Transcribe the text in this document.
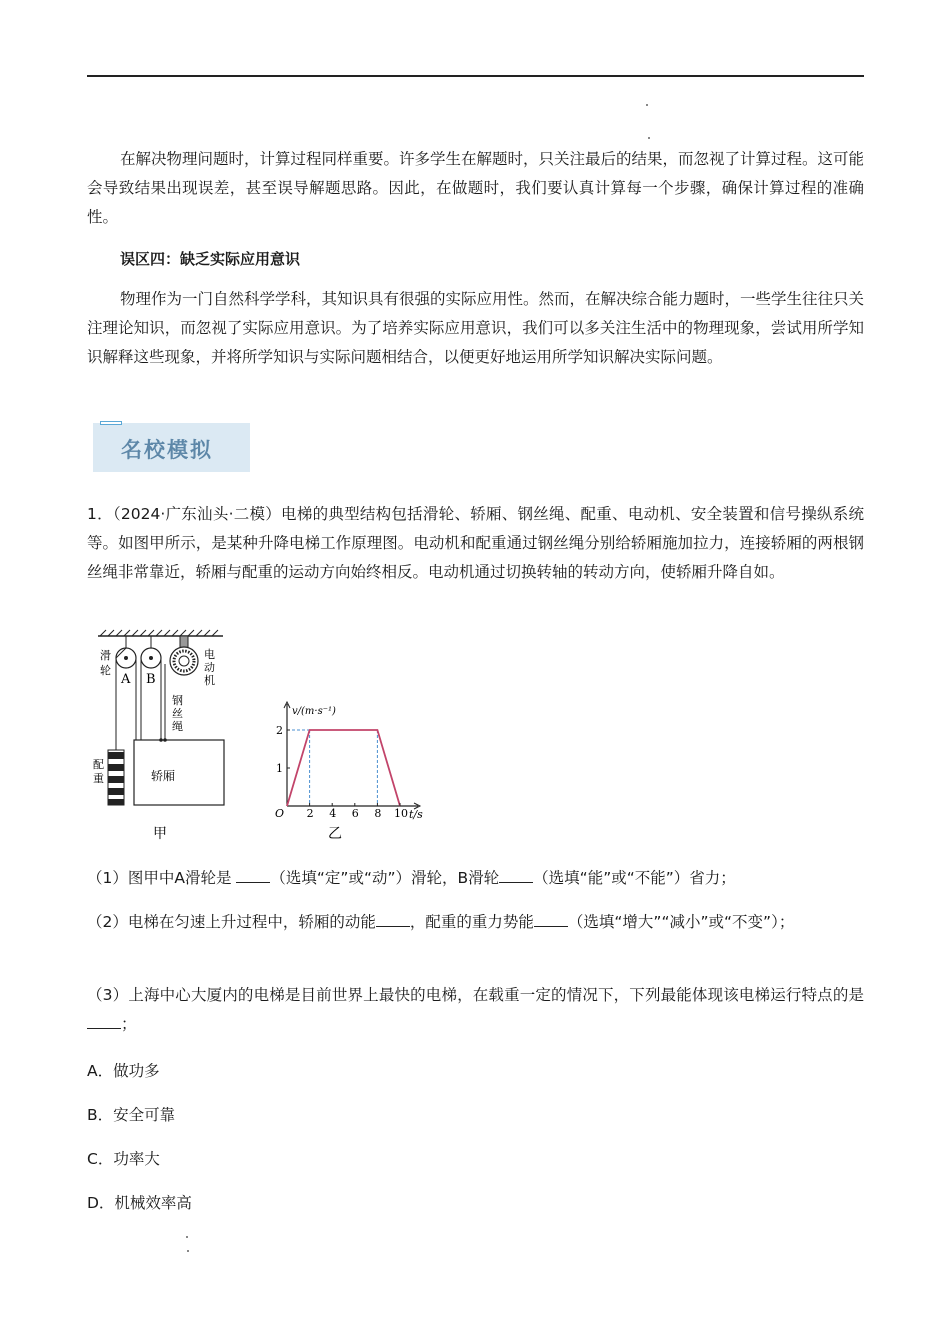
在解决物理问题时，计算过程同样重要。许多学生在解题时，只关注最后的结果，而忽视了计算过程。这可能会导致结果出现误差，甚至误导解题思路。因此，在做题时，我们要认真计算每一个步骤，确保计算过程的准确性。

误区四：缺乏实际应用意识

物理作为一门自然科学学科，其知识具有很强的实际应用性。然而，在解决综合能力题时，一些学生往往只关注理论知识，而忽视了实际应用意识。为了培养实际应用意识，我们可以多关注生活中的物理现象，尝试用所学知识解释这些现象，并将所学知识与实际问题相结合，以便更好地运用所学知识解决实际问题。

名校模拟

1．（2024·广东汕头·二模）电梯的典型结构包括滑轮、轿厢、钢丝绳、配重、电动机、安全装置和信号操纵系统等。如图甲所示，是某种升降电梯工作原理图。电动机和配重通过钢丝绳分别给轿厢施加拉力，连接轿厢的两根钢丝绳非常靠近，轿厢与配重的运动方向始终相反。电动机通过切换转轴的转动方向，使轿厢升降自如。

滑
轮
A B
电
动
机
钢
丝
绳
配
重	轿厢
甲
v/(m·s⁻¹)
t/s
O 2 4 6 8 10
1
2
乙

（1）图甲中A滑轮是 （选填“定”或“动”）滑轮，B滑轮 （选填“能”或“不能”）省力；

（2）电梯在匀速上升过程中，轿厢的动能 ，配重的重力势能 （选填“增大”“减小”或“不变”）；

（3）上海中心大厦内的电梯是目前世界上最快的电梯，在载重一定的情况下，下列最能体现该电梯运行特点的是；

A．做功多

B．安全可靠

C．功率大

D．机械效率高
